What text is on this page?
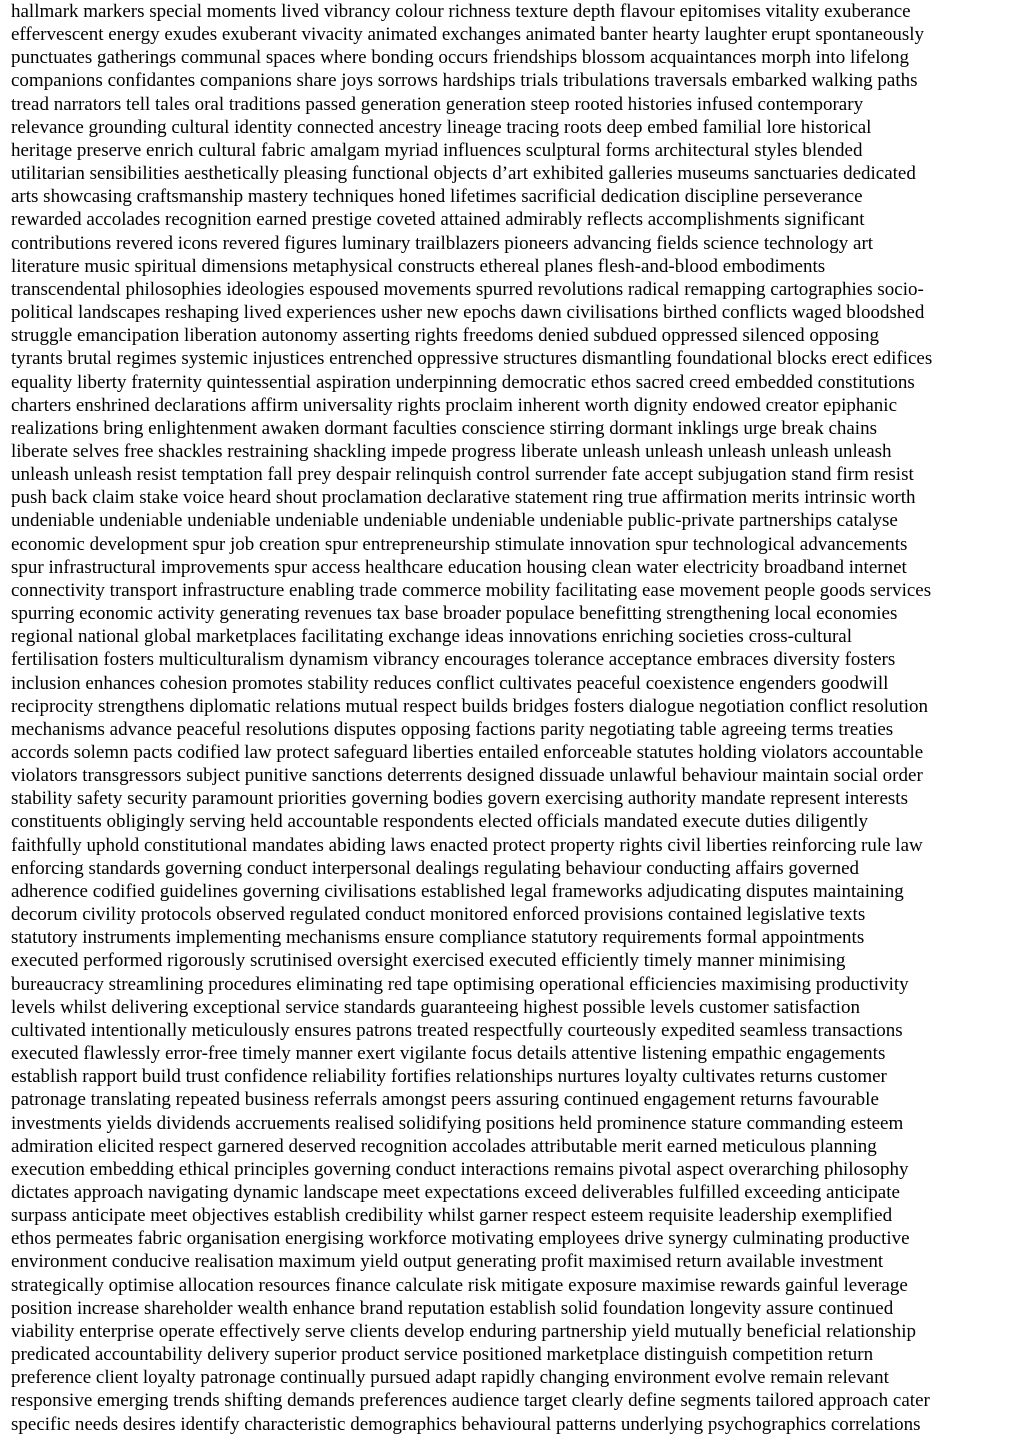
hallmark markers special moments lived vibrancy colour richness texture depth flavour epitomises vitality exuberance
effervescent energy exudes exuberant vivacity animated exchanges animated banter hearty laughter erupt spontaneously
punctuates gatherings communal spaces where bonding occurs friendships blossom acquaintances morph into lifelong
companions confidantes companions share joys sorrows hardships trials tribulations traversals embarked walking paths
tread narrators tell tales oral traditions passed generation generation steep rooted histories infused contemporary
relevance grounding cultural identity connected ancestry lineage tracing roots deep embed familial lore historical
heritage preserve enrich cultural fabric amalgam myriad influences sculptural forms architectural styles blended
utilitarian sensibilities aesthetically pleasing functional objects d’art exhibited galleries museums sanctuaries dedicated
arts showcasing craftsmanship mastery techniques honed lifetimes sacrificial dedication discipline perseverance
rewarded accolades recognition earned prestige coveted attained admirably reflects accomplishments significant
contributions revered icons revered figures luminary trailblazers pioneers advancing fields science technology art
literature music spiritual dimensions metaphysical constructs ethereal planes flesh-and-blood embodiments
transcendental philosophies ideologies espoused movements spurred revolutions radical remapping cartographies socio-
political landscapes reshaping lived experiences usher new epochs dawn civilisations birthed conflicts waged bloodshed
struggle emancipation liberation autonomy asserting rights freedoms denied subdued oppressed silenced opposing
tyrants brutal regimes systemic injustices entrenched oppressive structures dismantling foundational blocks erect edifices
equality liberty fraternity quintessential aspiration underpinning democratic ethos sacred creed embedded constitutions
charters enshrined declarations affirm universality rights proclaim inherent worth dignity endowed creator epiphanic
realizations bring enlightenment awaken dormant faculties conscience stirring dormant inklings urge break chains
liberate selves free shackles restraining shackling impede progress liberate unleash unleash unleash unleash unleash
unleash unleash resist temptation fall prey despair relinquish control surrender fate accept subjugation stand firm resist
push back claim stake voice heard shout proclamation declarative statement ring true affirmation merits intrinsic worth
undeniable undeniable undeniable undeniable undeniable undeniable undeniable public-private partnerships catalyse
economic development spur job creation spur entrepreneurship stimulate innovation spur technological advancements
spur infrastructural improvements spur access healthcare education housing clean water electricity broadband internet
connectivity transport infrastructure enabling trade commerce mobility facilitating ease movement people goods services
spurring economic activity generating revenues tax base broader populace benefitting strengthening local economies
regional national global marketplaces facilitating exchange ideas innovations enriching societies cross-cultural
fertilisation fosters multiculturalism dynamism vibrancy encourages tolerance acceptance embraces diversity fosters
inclusion enhances cohesion promotes stability reduces conflict cultivates peaceful coexistence engenders goodwill
reciprocity strengthens diplomatic relations mutual respect builds bridges fosters dialogue negotiation conflict resolution
mechanisms advance peaceful resolutions disputes opposing factions parity negotiating table agreeing terms treaties
accords solemn pacts codified law protect safeguard liberties entailed enforceable statutes holding violators accountable
violators transgressors subject punitive sanctions deterrents designed dissuade unlawful behaviour maintain social order
stability safety security paramount priorities governing bodies govern exercising authority mandate represent interests
constituents obligingly serving held accountable respondents elected officials mandated execute duties diligently
faithfully uphold constitutional mandates abiding laws enacted protect property rights civil liberties reinforcing rule law
enforcing standards governing conduct interpersonal dealings regulating behaviour conducting affairs governed
adherence codified guidelines governing civilisations established legal frameworks adjudicating disputes maintaining
decorum civility protocols observed regulated conduct monitored enforced provisions contained legislative texts
statutory instruments implementing mechanisms ensure compliance statutory requirements formal appointments
executed performed rigorously scrutinised oversight exercised executed efficiently timely manner minimising
bureaucracy streamlining procedures eliminating red tape optimising operational efficiencies maximising productivity
levels whilst delivering exceptional service standards guaranteeing highest possible levels customer satisfaction
cultivated intentionally meticulously ensures patrons treated respectfully courteously expedited seamless transactions
executed flawlessly error-free timely manner exert vigilante focus details attentive listening empathic engagements
establish rapport build trust confidence reliability fortifies relationships nurtures loyalty cultivates returns customer
patronage translating repeated business referrals amongst peers assuring continued engagement returns favourable
investments yields dividends accruements realised solidifying positions held prominence stature commanding esteem
admiration elicited respect garnered deserved recognition accolades attributable merit earned meticulous planning
execution embedding ethical principles governing conduct interactions remains pivotal aspect overarching philosophy
dictates approach navigating dynamic landscape meet expectations exceed deliverables fulfilled exceeding anticipate
surpass anticipate meet objectives establish credibility whilst garner respect esteem requisite leadership exemplified
ethos permeates fabric organisation energising workforce motivating employees drive synergy culminating productive
environment conducive realisation maximum yield output generating profit maximised return available investment
strategically optimise allocation resources finance calculate risk mitigate exposure maximise rewards gainful leverage
position increase shareholder wealth enhance brand reputation establish solid foundation longevity assure continued
viability enterprise operate effectively serve clients develop enduring partnership yield mutually beneficial relationship
predicated accountability delivery superior product service positioned marketplace distinguish competition return
preference client loyalty patronage continually pursued adapt rapidly changing environment evolve remain relevant
responsive emerging trends shifting demands preferences audience target clearly define segments tailored approach cater
specific needs desires identify characteristic demographics behavioural patterns underlying psychographics correlations
